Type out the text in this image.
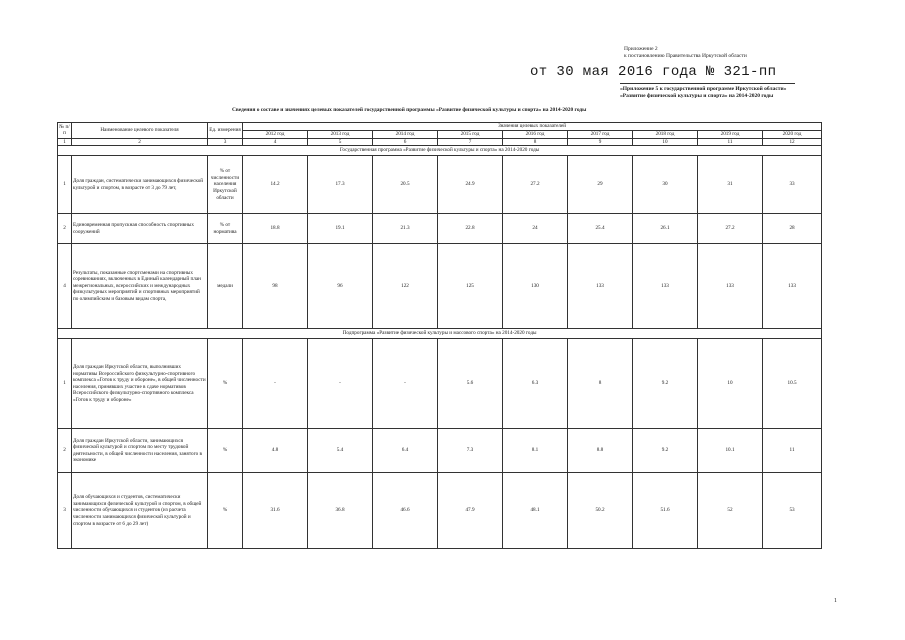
Приложение 2
к постановлению Правительства Иркутской области
от 30 мая 2016 года № 321-пп
«Приложение 5 к государственной программе Иркутской области»
«Развитие физической культуры и спорта» на 2014-2020 годы
Сведения о составе и значениях целевых показателей государственной программы «Развитие физической культуры и спорта» на 2014-2020 годы
№ п/п	Наименование целевого показателя	Ед. измерения	Значения целевых показателей								
			2012 год	2013 год	2014 год	2015 год	2016 год	2017 год	2018 год	2019 год	2020 год
1	2	3	4	5	6	7	8	9	10	11	12
Государственная программа «Развитие физической культуры и спорта» на 2014-2020 годы											
1	Доля граждан, систематически занимающихся физической культурой и спортом, в возрасте от 3 до 79 лет,	% от численности населения Иркутской области	14.2	17.3	20.5	24.9	27.2	29	30	31	33
2	Единовременная пропускная способность спортивных сооружений	% от норматива	18.8	19.1	21.3	22.8	24	25.4	26.1	27.2	28
4	Результаты, показанные спортсменами на спортивных соревнованиях, включенных в Единый календарный план межрегиональных, всероссийских и международных физкультурных мероприятий и спортивных мероприятий по олимпийским и базовым видам спорта,	медали	98	96	122	125	130	133	133	133	133
Подпрограмма «Развитие физической культуры и массового спорта» на 2014-2020 годы											
1	Доля граждан Иркутской области, выполнивших нормативы Всероссийского физкультурно-спортивного комплекса «Готов к труду и обороне», в общей численности населения, принявших участие в сдаче нормативов Всероссийского физкультурно-спортивного комплекса «Готов к труду и обороне»	%	-	-	-	5.6	6.3	8	9.2	10	10.5
2	Доля граждан Иркутской области, занимающихся физической культурой и спортом по месту трудовой деятельности, в общей численности населения, занятого в экономике	%	4.8	5.4	6.4	7.3	8.1	8.8	9.2	10.1	11
3	Доля обучающихся и студентов, систематически занимающихся физической культурой и спортом, в общей численности обучающихся и студентов (из расчета численности занимающихся физической культурой и спортом в возрасте от 6 до 29 лет)	%	31.6	36.8	46.6	47.9	48.1	50.2	51.6	52	53
1
